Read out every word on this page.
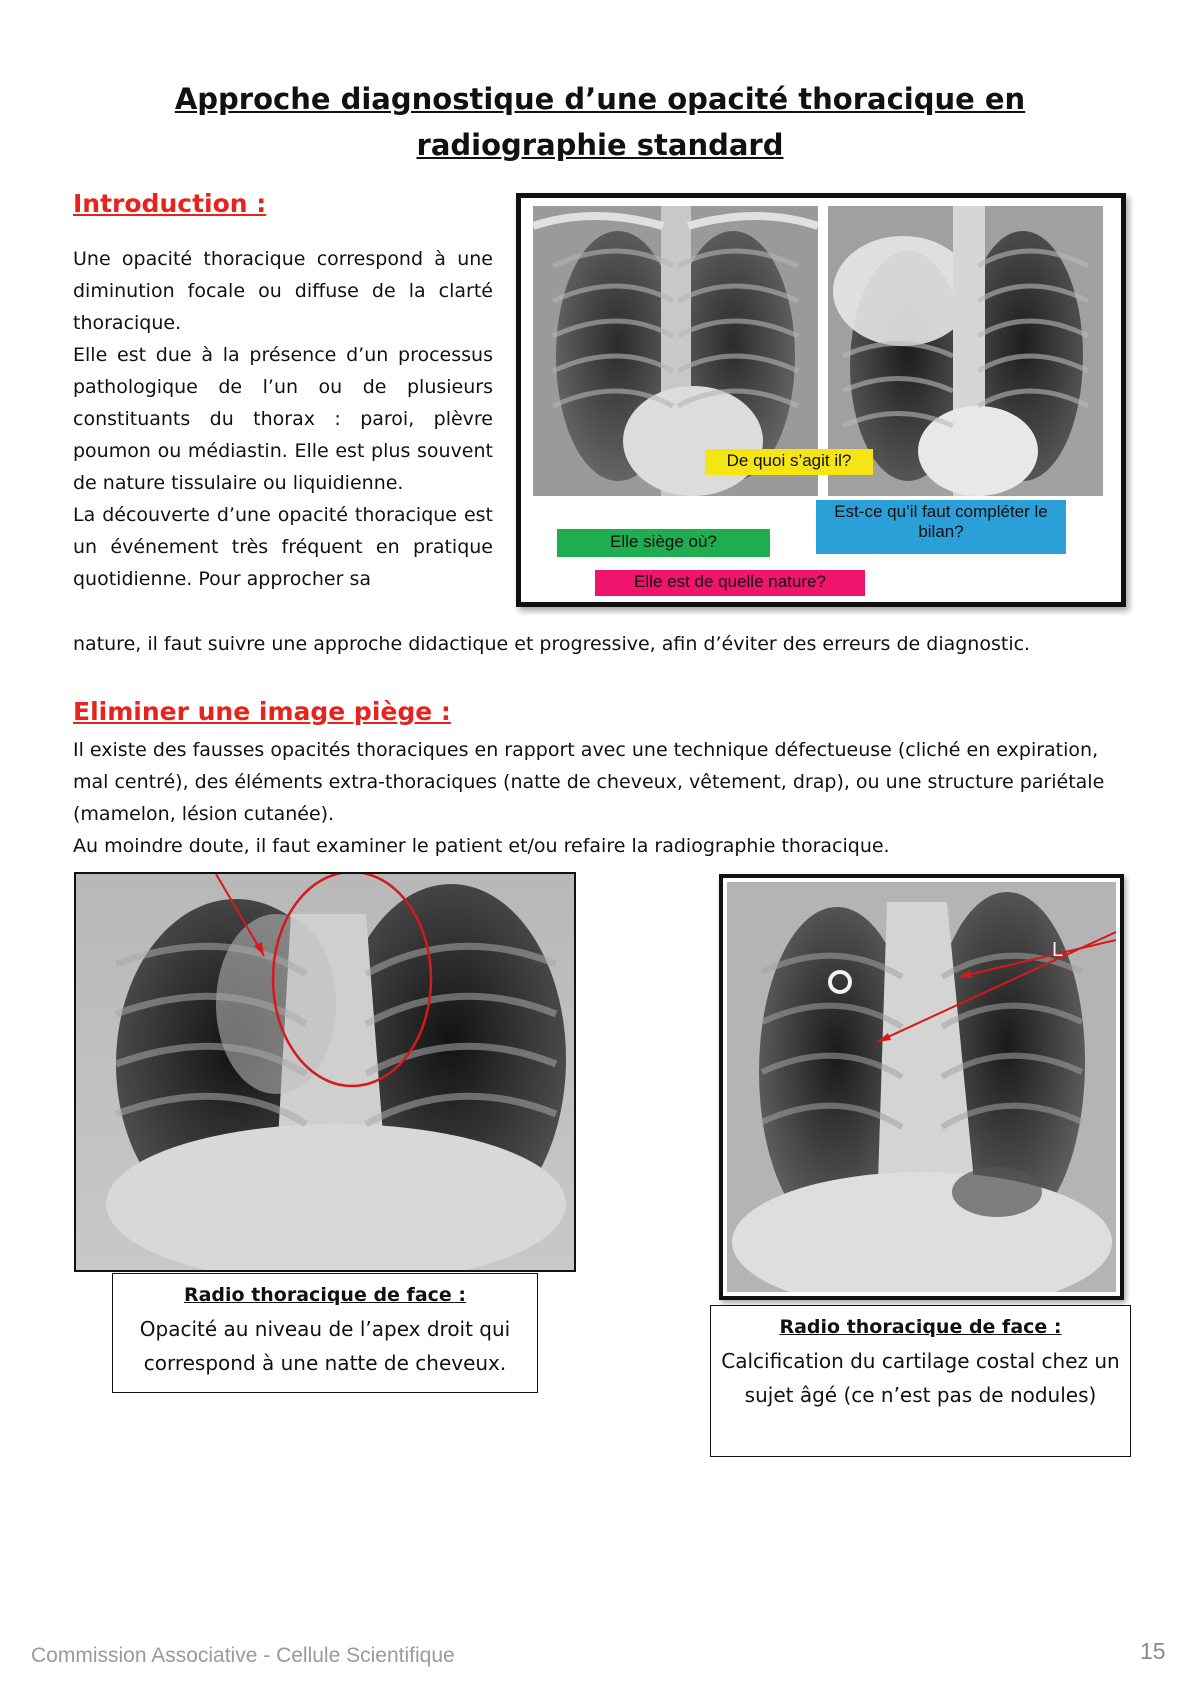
Approche diagnostique d’une opacité thoracique en radiographie standard
Introduction :

Une opacité thoracique correspond à une diminution focale ou diffuse de la clarté thoracique.

Elle est due à la présence d’un processus pathologique de l’un ou de plusieurs constituants du thorax : paroi, plèvre poumon ou médiastin. Elle est plus souvent de nature tissulaire ou liquidienne.

La découverte d’une opacité thoracique est un événement très fréquent en pratique quotidienne. Pour approcher sa

nature, il faut suivre une approche didactique et progressive, afin d’éviter des erreurs de diagnostic.
De quoi s’agit il?
Elle siège où?
Est-ce qu’il faut compléter le bilan?
Elle est de quelle nature?
Eliminer une image piège :

Il existe des fausses opacités thoraciques en rapport avec une technique défectueuse (cliché en expiration, mal centré), des éléments extra-thoraciques (natte de cheveux, vêtement, drap), ou une structure pariétale (mamelon, lésion cutanée).

Au moindre doute, il faut examiner le patient et/ou refaire la radiographie thoracique.

Radio thoracique de face :
Opacité au niveau de l’apex droit qui correspond à une natte de cheveux.
L
Radio thoracique de face :
Calcification du cartilage costal chez un sujet âgé (ce n’est pas de nodules)
Commission Associative - Cellule Scientifique	15
